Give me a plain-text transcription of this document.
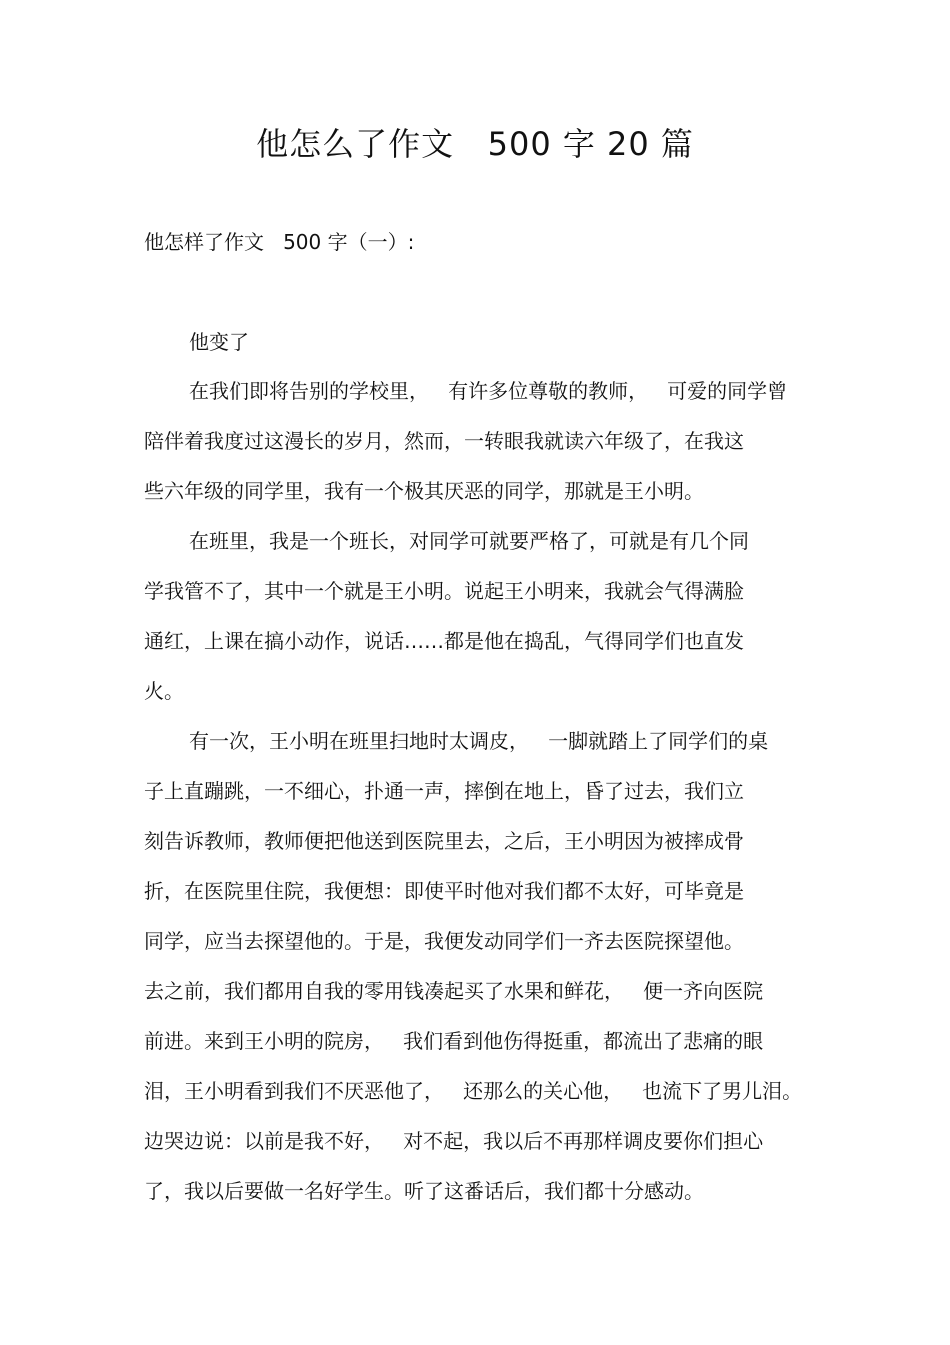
他怎么了作文   500 字 20 篇
他怎样了作文   500 字（一）:
他变了
在我们即将告别的学校里，   有许多位尊敬的教师，   可爱的同学曾
陪伴着我度过这漫长的岁月，然而，一转眼我就读六年级了，在我这
些六年级的同学里，我有一个极其厌恶的同学，那就是王小明。
在班里，我是一个班长，对同学可就要严格了，可就是有几个同
学我管不了，其中一个就是王小明。说起王小明来，我就会气得满脸
通红，上课在搞小动作，说话……都是他在捣乱，气得同学们也直发
火。
有一次，王小明在班里扫地时太调皮，   一脚就踏上了同学们的桌
子上直蹦跳，一不细心，扑通一声，摔倒在地上，昏了过去，我们立
刻告诉教师，教师便把他送到医院里去，之后，王小明因为被摔成骨
折，在医院里住院，我便想：即使平时他对我们都不太好，可毕竟是
同学，应当去探望他的。于是，我便发动同学们一齐去医院探望他。
去之前，我们都用自我的零用钱凑起买了水果和鲜花，   便一齐向医院
前进。来到王小明的院房，   我们看到他伤得挺重，都流出了悲痛的眼
泪，王小明看到我们不厌恶他了，   还那么的关心他，   也流下了男儿泪。
边哭边说：以前是我不好，   对不起，我以后不再那样调皮要你们担心
了，我以后要做一名好学生。听了这番话后，我们都十分感动。
